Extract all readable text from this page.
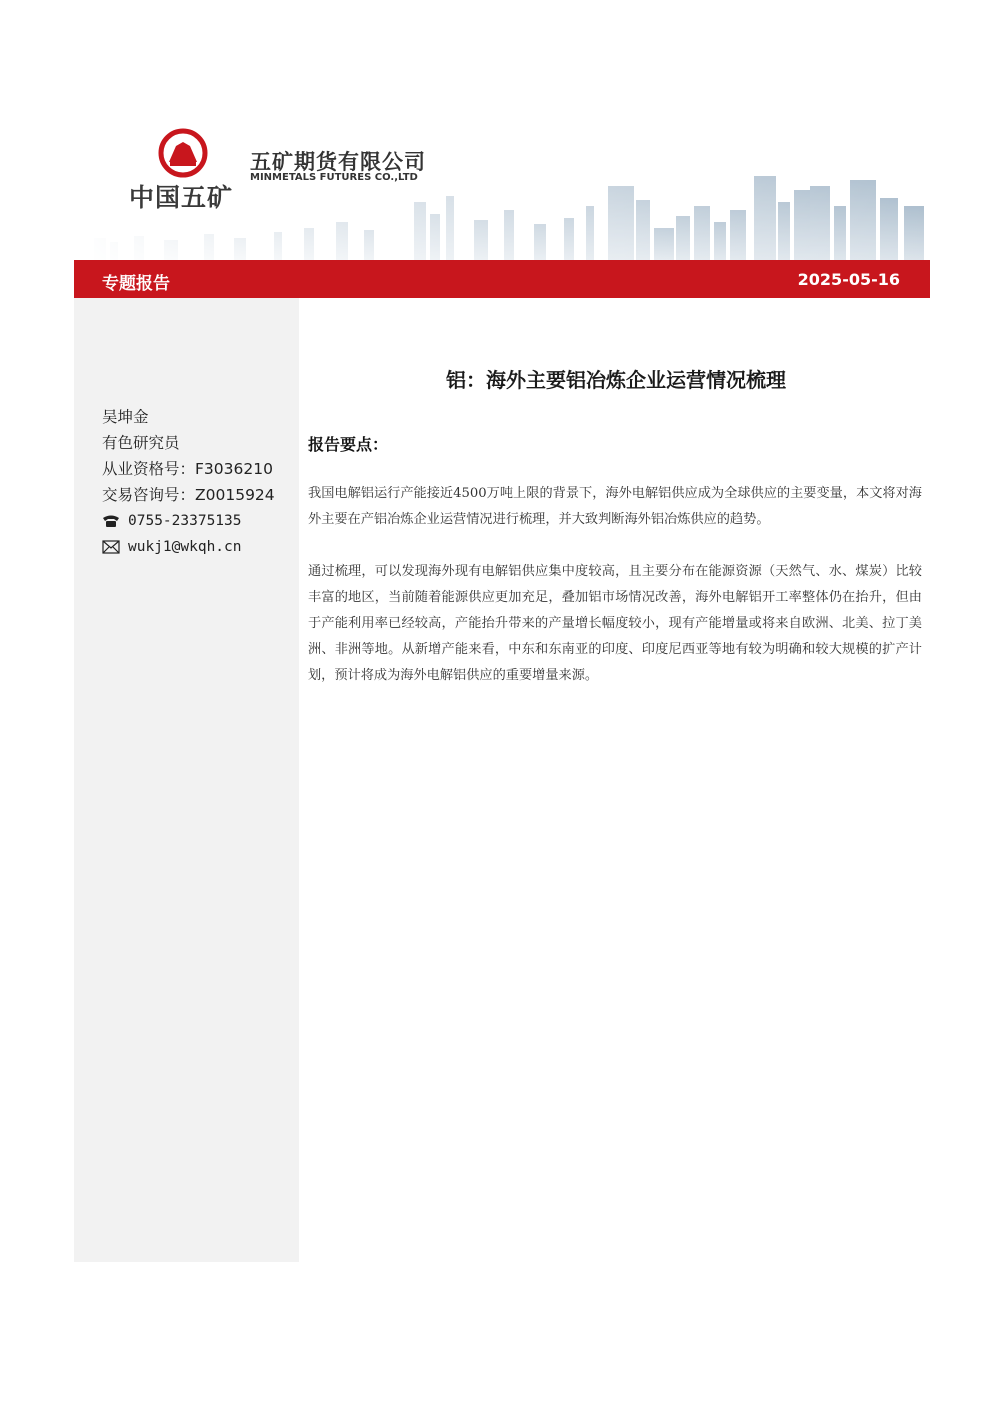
中国五矿
五矿期货有限公司
MINMETALS FUTURES CO.,LTD
专题报告	2025-05-16
吴坤金
有色研究员
从业资格号：F3036210
交易咨询号：Z0015924
0755-23375135
wukj1@wkqh.cn
铝：海外主要铝冶炼企业运营情况梳理
报告要点：
我国电解铝运行产能接近4500万吨上限的背景下，海外电解铝供应成为全球供应的主要变量，本文将对海外主要在产铝冶炼企业运营情况进行梳理，并大致判断海外铝冶炼供应的趋势。
通过梳理，可以发现海外现有电解铝供应集中度较高，且主要分布在能源资源（天然气、水、煤炭）比较丰富的地区，当前随着能源供应更加充足，叠加铝市场情况改善，海外电解铝开工率整体仍在抬升，但由于产能利用率已经较高，产能抬升带来的产量增长幅度较小，现有产能增量或将来自欧洲、北美、拉丁美洲、非洲等地。从新增产能来看，中东和东南亚的印度、印度尼西亚等地有较为明确和较大规模的扩产计划，预计将成为海外电解铝供应的重要增量来源。
